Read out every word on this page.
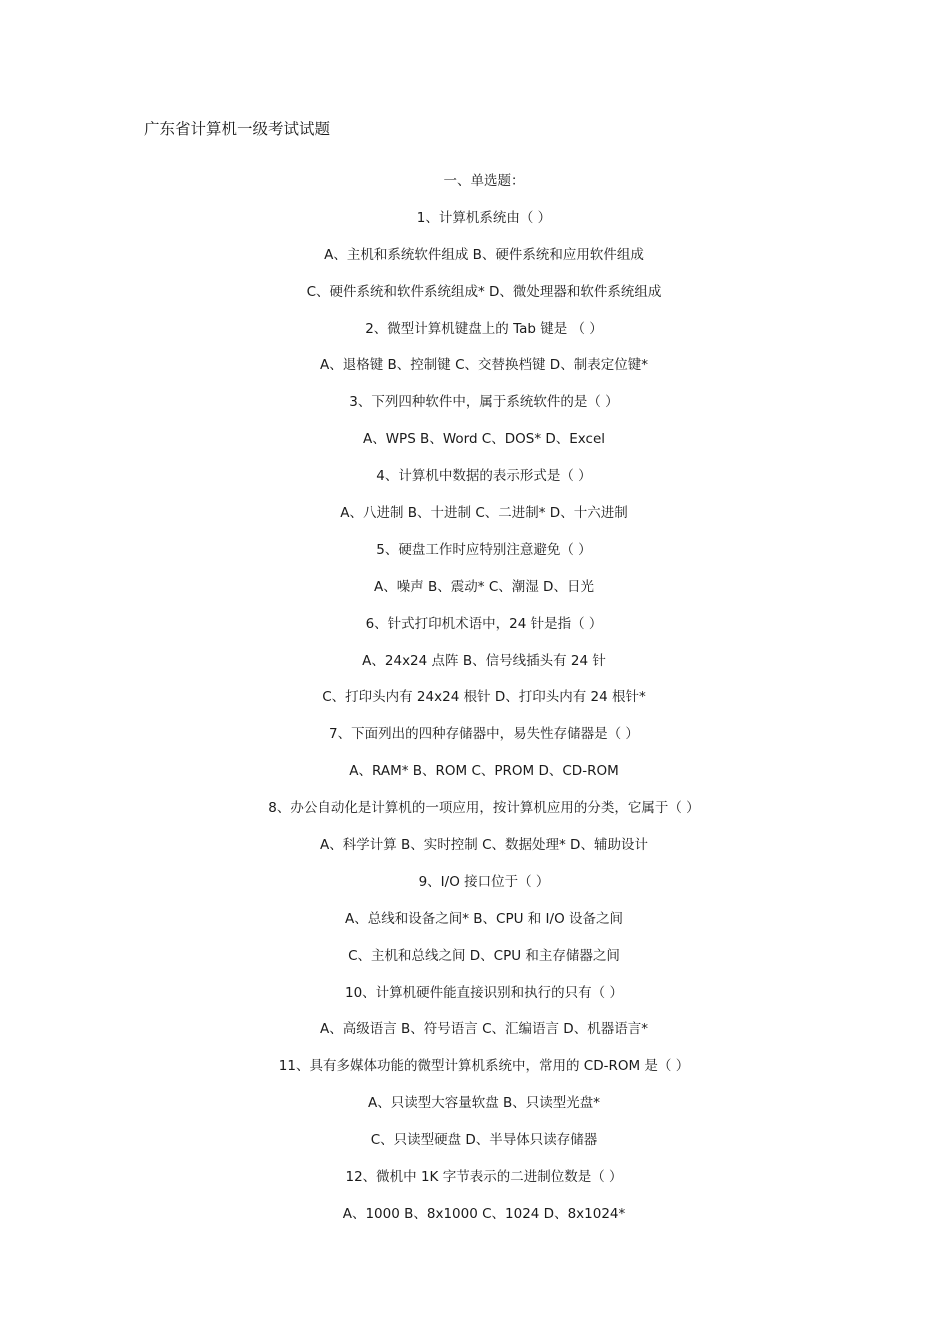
广东省计算机一级考试试题
一、单选题：
1、计算机系统由（ ）
A、主机和系统软件组成 B、硬件系统和应用软件组成
C、硬件系统和软件系统组成* D、微处理器和软件系统组成
2、微型计算机键盘上的 Tab 键是 （ ）
A、退格键 B、控制键 C、交替换档键 D、制表定位键*
3、下列四种软件中，属于系统软件的是（ ）
A、WPS B、Word C、DOS* D、Excel
4、计算机中数据的表示形式是（ ）
A、八进制 B、十进制 C、二进制* D、十六进制
5、硬盘工作时应特别注意避免（ ）
A、噪声 B、震动* C、潮湿 D、日光
6、针式打印机术语中，24 针是指（ ）
A、24x24 点阵 B、信号线插头有 24 针
C、打印头内有 24x24 根针 D、打印头内有 24 根针*
7、下面列出的四种存储器中，易失性存储器是（ ）
A、RAM* B、ROM C、PROM D、CD-ROM
8、办公自动化是计算机的一项应用，按计算机应用的分类，它属于（ ）
A、科学计算 B、实时控制 C、数据处理* D、辅助设计
9、I/O 接口位于（ ）
A、总线和设备之间* B、CPU 和 I/O 设备之间
C、主机和总线之间 D、CPU 和主存储器之间
10、计算机硬件能直接识别和执行的只有（ ）
A、高级语言 B、符号语言 C、汇编语言 D、机器语言*
11、具有多媒体功能的微型计算机系统中，常用的 CD-ROM 是（ ）
A、只读型大容量软盘 B、只读型光盘*
C、只读型硬盘 D、半导体只读存储器
12、微机中 1K 字节表示的二进制位数是（ ）
A、1000 B、8x1000 C、1024 D、8x1024*
